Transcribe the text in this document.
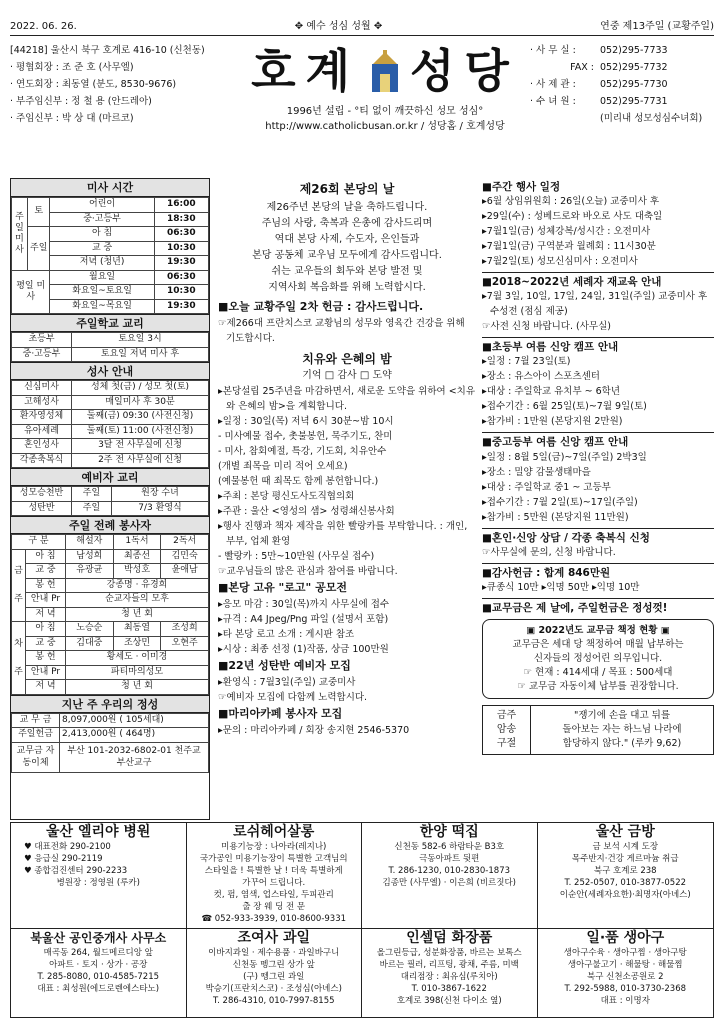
2022. 06. 26.	✥ 예수 성심 성월 ✥	연중 제13주일 (교황주일)
[44218] 울산시 북구 호계로 416-10 (신천동)
· 평협회장 : 조 준 호 (사무엘)
· 연도회장 : 최동열 (분도, 8530-9676)
· 부주임신부 : 정 철 용 (안드레아)
· 주임신부 : 박 상 대 (마르코)
호계 성당
1996년 설립 - °티 없이 깨끗하신 성모 성심°
http://www.catholicbusan.or.kr / 성당홈 / 호계성당
· 사 무 실 :	052)295-7733
FAX : 052)295-7732
· 사 제 관 :	052)295-7730
· 수 녀 원 :	052)295-7731
(미리내 성모성심수녀회)
미사 시간
주
일
미
사	토	어린이	16:00
		중·고등부	18:30
	주일	아 침	06:30
		교 중	10:30
		저녁 (청년)	19:30
평일 미사		월요일	06:30
		화요일~토요일	10:30
		화요일~목요일	19:30
주일학교 교리
초등부	토요일 3시
중·고등부	토요일 저녁 미사 후
성사 안내
신심미사	성체 첫(금) / 성모 첫(토)
고해성사	매일미사 후 30분
환자영성체	둘째(금) 09:30 (사전신청)
유아세례	둘째(토) 11:00 (사전신청)
혼인성사	3달 전 사무실에 신청
각종축복식	2주 전 사무실에 신청
예비자 교리
성모승천반	주일	원장 수녀
성탄반	주일	7/3 환영식
주일 전례 봉사자
구 분		해설자	1독서	2독서
금
주	아 침	남성희	최종선	김민숙
	교 중	유광균	박성호	윤애남
	봉 헌	강종명 · 유경희		
	안내 Pr	순교자들의 모후		
	저 녁	청 년 회		
차
주	아 침	노승순	최동열	조성희
	교 중	김대중	조상민	오현주
	봉 헌	황세도 · 이미경		
	안내 Pr	파티마의성모		
	저 녁	청 년 회		
지난 주 우리의 정성
교 무 금	8,097,000원 ( 105세대)
주일헌금	2,413,000원 ( 464명)
교무금 자동이체	부산 101-2032-6802-01 천주교 부산교구
제26회 본당의 날
제26주년 본당의 날을 축하드립니다.
주님의 사랑, 축복과 은총에 감사드리며
역대 본당 사제, 수도자, 은인들과
본당 공동체 교우님 모두에게 감사드립니다.
쉬는 교우들의 회두와 본당 발전 및
지역사회 복음화를 위해 노력합시다.
■오늘 교황주일 2차 헌금 : 감사드립니다.
☞제266대 프란치스코 교황님의 성무와 영육간 건강을 위해 기도합시다.
치유와 은혜의 밤
기억 □ 감사 □ 도약
▸본당설립 25주년을 마감하면서, 새로운 도약을 위하여 <치유와 은혜의 밤>을 계획합니다.
▸일정 : 30일(목) 저녁 6시 30분~밤 10시
- 미사예물 접수, 촛불봉헌, 묵주기도, 찬미
- 미사, 참회예절, 특강, 기도회, 치유안수
(개별 죄목을 미리 적어 오세요)
(예물봉헌 때 죄목도 함께 봉헌합니다.)
▸주최 : 본당 평신도사도직협의회
▸주관 : 울산 <영성의 샘> 성령쇄신봉사회
▸행사 진행과 책자 제작을 위한 빨랑카를 부탁합니다. : 개인, 부부, 업체 환영
- 빨랑카 : 5만~10만원 (사무실 접수)
☞교우님들의 많은 관심과 참여를 바랍니다.
■본당 고유 "로고" 공모전
▸응모 마감 : 30일(목)까지 사무실에 접수
▸규격 : A4 Jpeg/Png 파일 (설명서 포함)
▸타 본당 로고 소개 : 게시판 참조
▸시상 : 최종 선정 (1)작품, 상금 100만원
■22년 성탄반 예비자 모집
▸환영식 : 7월3일(주일) 교중미사
☞예비자 모집에 다함께 노력합시다.
■마리아카페 봉사자 모집
▸문의 : 마리아카페 / 회장 송지현 2546-5370
■주간 행사 일정
▸6월 상임위원회 : 26일(오늘) 교중미사 후
▸29일(수) : 성베드로와 바오로 사도 대축일
▸7월1일(금) 성체강복/성시간 : 오전미사
▸7월1일(금) 구역분과 월례회 : 11시30분
▸7월2일(토) 성모신심미사 : 오전미사
■2018~2022년 세례자 재교육 안내
▸7월 3일, 10일, 17일, 24일, 31일(주일) 교중미사 후 수성전 (점심 제공)
☞사전 신청 바랍니다. (사무실)
■초등부 여름 신앙 캠프 안내
▸일정 : 7월 23일(토)
▸장소 : 유스아이 스포츠센터
▸대상 : 주일학교 유치부 ~ 6학년
▸접수기간 : 6월 25일(토)~7월 9일(토)
▸참가비 : 1만원 (본당지원 2만원)
■중고등부 여름 신앙 캠프 안내
▸일정 : 8월 5일(금)~7일(주일) 2박3일
▸장소 : 밀양 감물생태마을
▸대상 : 주일학교 중1 ~ 고등부
▸접수기간 : 7월 2일(토)~17일(주일)
▸참가비 : 5만원 (본당지원 11만원)
■혼인·신앙 상담 / 각종 축복식 신청
☞사무실에 문의, 신청 바랍니다.
■감사헌금 : 합계 846만원
▸큐종식 10만 ▸익명 50만 ▸익명 10만
■교무금은 제 날에, 주일헌금은 정성껏!
▣ 2022년도 교무금 책정 현황 ▣
교무금은 세대 당 책정하여 매월 납부하는
신자들의 정성어린 의무입니다.
☞ 현재 : 414세대 / 목표 : 500세대
☞ 교무금 자동이체 납부를 권장합니다.
금주
암송
구절
"쟁기에 손을 대고 뒤를
돌아보는 자는 하느님 나라에
합당하지 않다." (루카 9,62)
울산 엘리야 병원
♥ 대표전화 290-2100
♥ 응급실 290-2119
♥ 종합검진센터 290-2233
병원장 : 정영원 (루카)
로쉬헤어살롱
미용기능장 : 나아라(레지나)
국가공인 미용기능장이 특별한 고객님의
스타일을 ! 특별한 날 ! 더욱 특별하게
가꾸어 드립니다.
컷, 펌, 염색, 업스타일, 두피관리
출 장 웨 딩 전 문
☎ 052-933-3939, 010-8600-9331
한양 떡집
신천동 582-6 하람타운 B3호
극동아파트 뒷편
T. 286-1230, 010-2830-1873
김종만 (사무엘) · 이은희 (비르짓다)
울산 금방
금 보석 시계 도장
목주반지·건강 게르마늄 취급
북구 호계로 238
T. 252-0507, 010-3877-0522
이순안(세례자요한)·최명자(아녜스)
북울산 공인중개사 사무소
매곡동 264, 월드메르디앙 앞
아파트 · 토지 · 상가 · 공장
T. 285-8080, 010-4585-7215
대표 : 최성원(에드로렌에스타노)
조여사 과일
이바지과일 · 제수용품 · 과일바구니
신천동 뗑그린 상가 앞
(구) 뗑그린 과일
박승기(프란치스코) · 조성심(아녜스)
T. 286-4310, 010-7997-8155
인셀덤 화장품
올그린등급, 성분화장품, 바르는 보톡스
바르는 필러, 리프팅, 광채, 주름, 미백
대리점장 : 최유심(루치아)
T. 010-3867-1622
호계로 398(신천 다이소 옆)
일·품 생아구
생아구수육 · 생아구찜 · 생아구탕
생아구불고기 · 해물탕 · 해물찜
북구 신천소공원로 2
T. 292-5988, 010-3730-2368
대표 : 이명자
